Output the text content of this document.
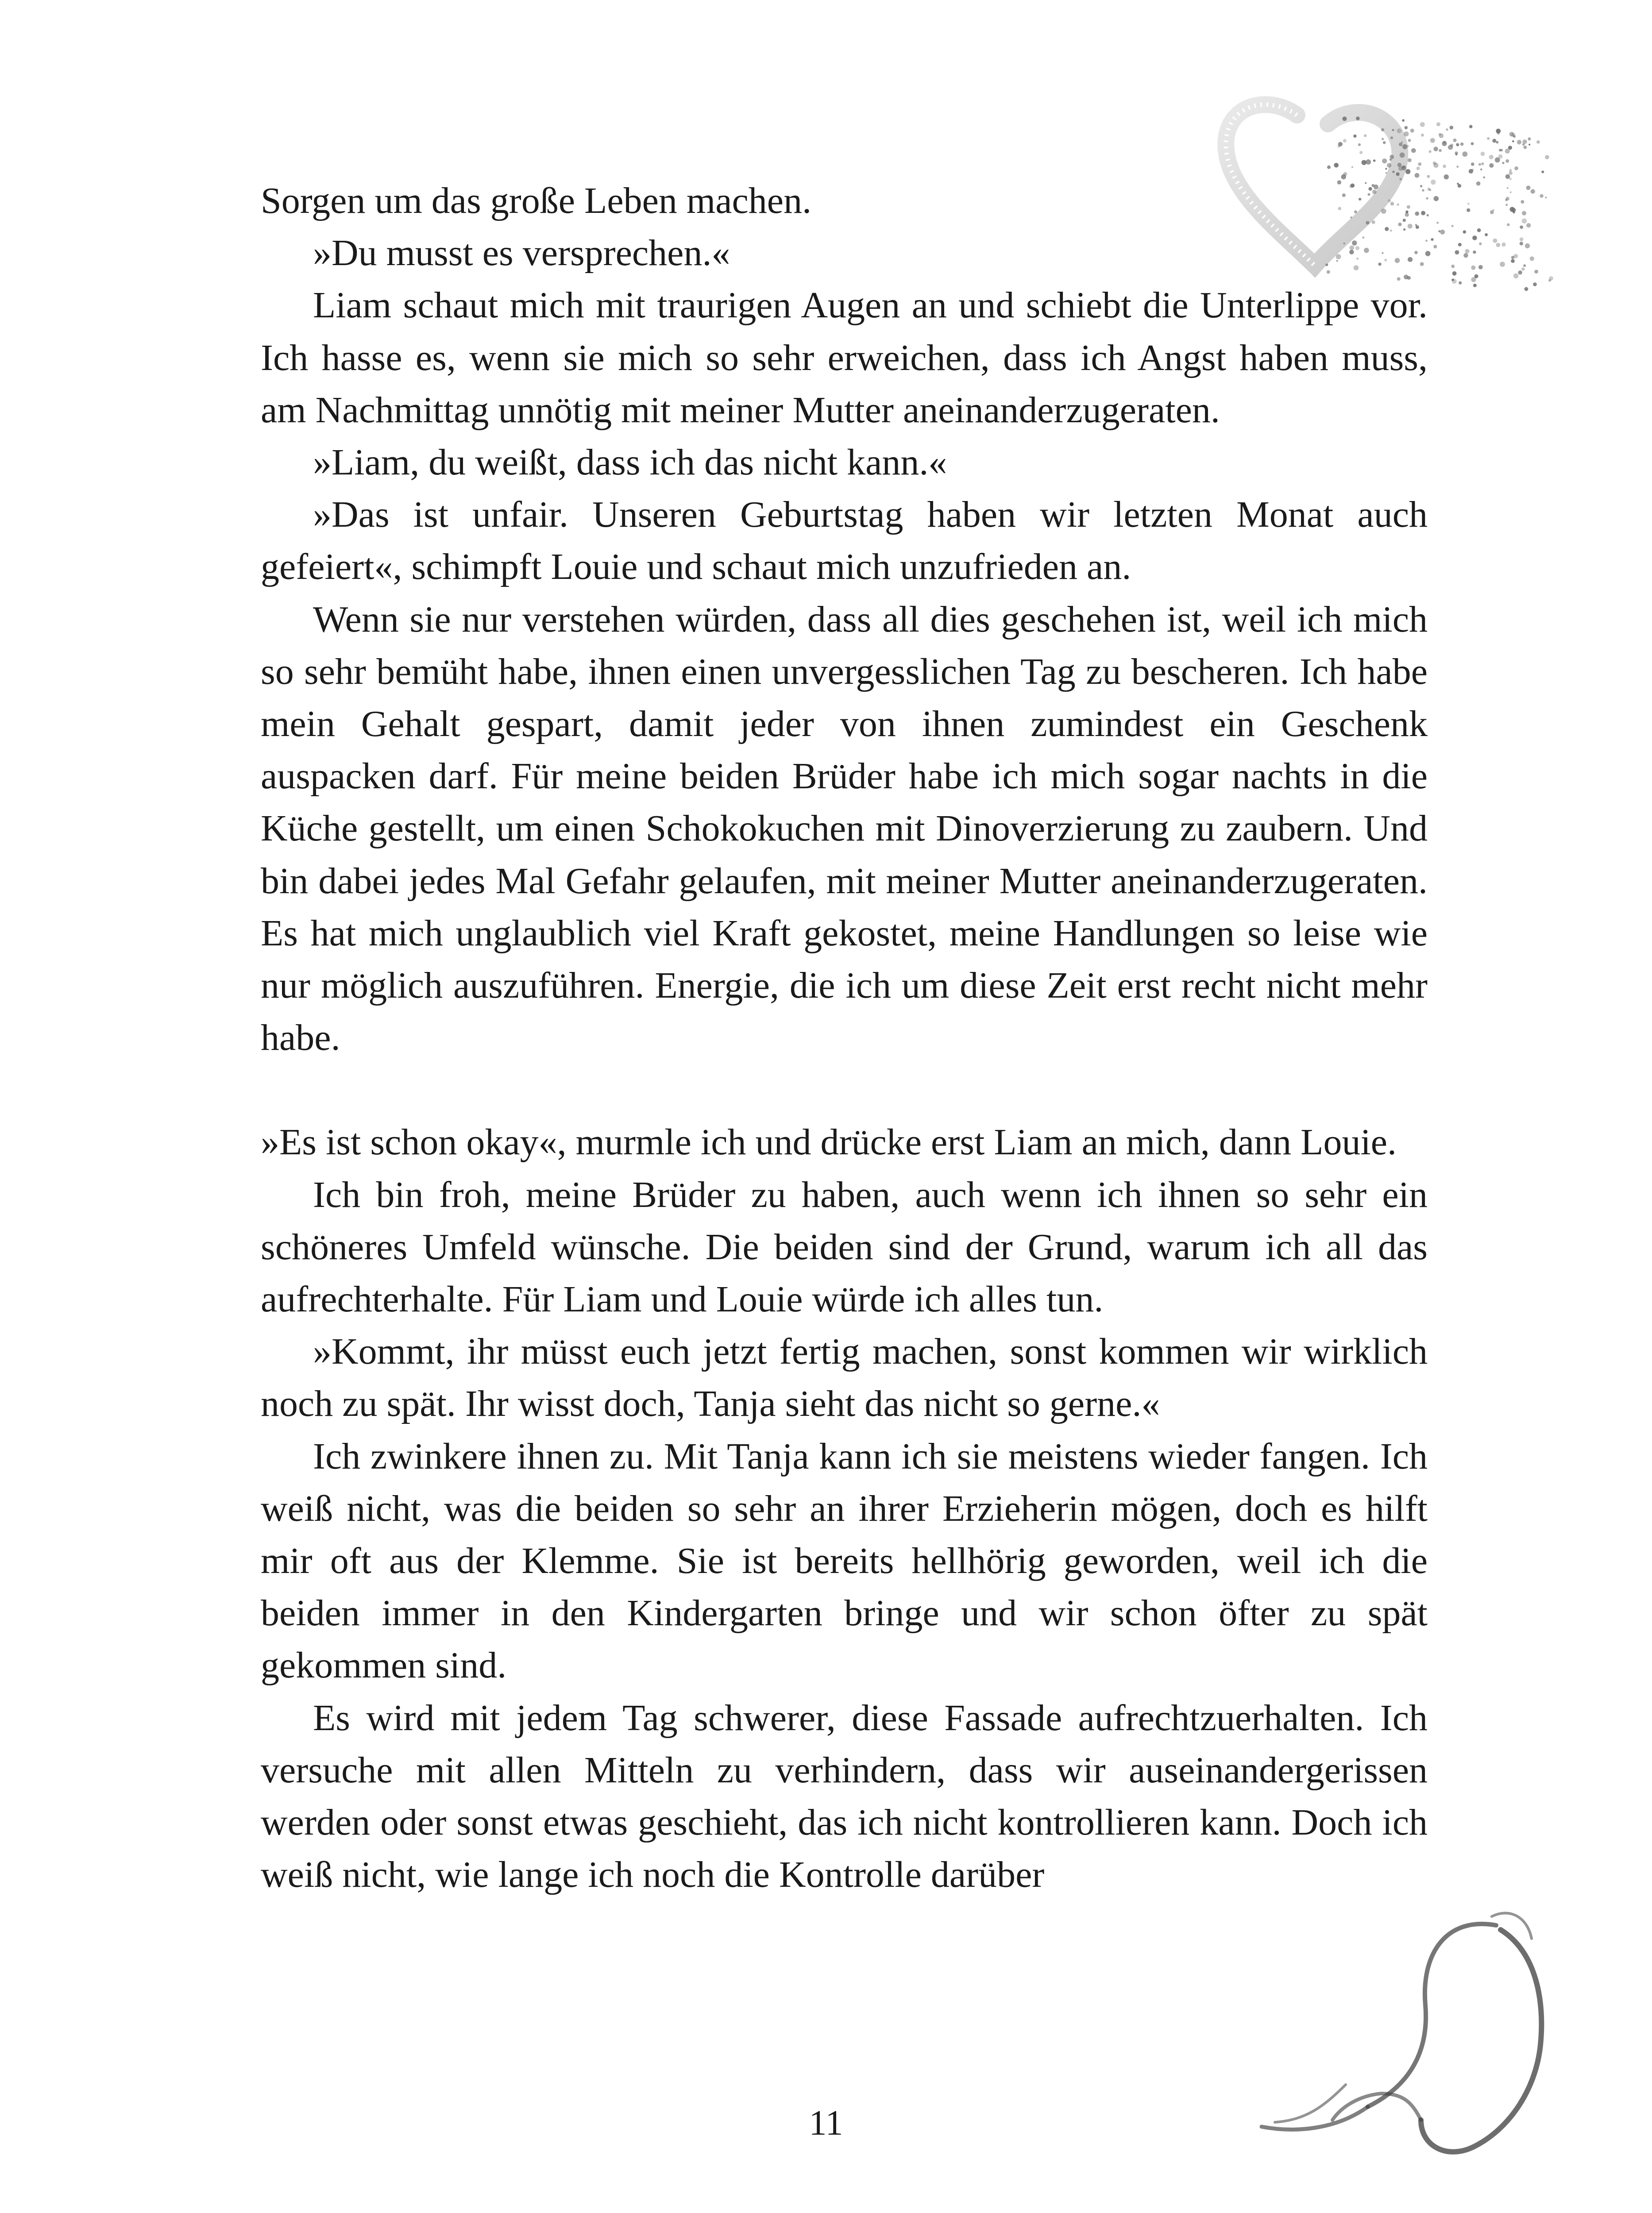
Sorgen um das große Leben machen.

»Du musst es versprechen.«

Liam schaut mich mit traurigen Augen an und schiebt die Unterlippe vor. Ich hasse es, wenn sie mich so sehr erweichen, dass ich Angst haben muss, am Nachmittag unnötig mit meiner Mutter aneinanderzugeraten.

»Liam, du weißt, dass ich das nicht kann.«

»Das ist unfair. Unseren Geburtstag haben wir letzten Monat auch gefeiert«, schimpft Louie und schaut mich unzufrieden an.

Wenn sie nur verstehen würden, dass all dies geschehen ist, weil ich mich so sehr bemüht habe, ihnen einen unvergesslichen Tag zu bescheren. Ich habe mein Gehalt gespart, damit jeder von ihnen zumindest ein Geschenk auspacken darf. Für meine beiden Brüder habe ich mich sogar nachts in die Küche gestellt, um einen Schokokuchen mit Dinoverzierung zu zaubern. Und bin dabei jedes Mal Gefahr gelaufen, mit meiner Mutter aneinanderzugeraten. Es hat mich unglaublich viel Kraft gekostet, meine Handlungen so leise wie nur möglich auszuführen. Energie, die ich um diese Zeit erst recht nicht mehr habe.

»Es ist schon okay«, murmle ich und drücke erst Liam an mich, dann Louie.

Ich bin froh, meine Brüder zu haben, auch wenn ich ihnen so sehr ein schöneres Umfeld wünsche. Die beiden sind der Grund, warum ich all das aufrechterhalte. Für Liam und Louie würde ich alles tun.

»Kommt, ihr müsst euch jetzt fertig machen, sonst kommen wir wirklich noch zu spät. Ihr wisst doch, Tanja sieht das nicht so gerne.«

Ich zwinkere ihnen zu. Mit Tanja kann ich sie meistens wieder fangen. Ich weiß nicht, was die beiden so sehr an ihrer Erzieherin mögen, doch es hilft mir oft aus der Klemme. Sie ist bereits hellhörig geworden, weil ich die beiden immer in den Kindergarten bringe und wir schon öfter zu spät gekommen sind.

Es wird mit jedem Tag schwerer, diese Fassade aufrechtzuerhalten. Ich versuche mit allen Mitteln zu verhindern, dass wir auseinandergerissen werden oder sonst etwas geschieht, das ich nicht kontrollieren kann. Doch ich weiß nicht, wie lange ich noch die Kontrolle darüber

11
